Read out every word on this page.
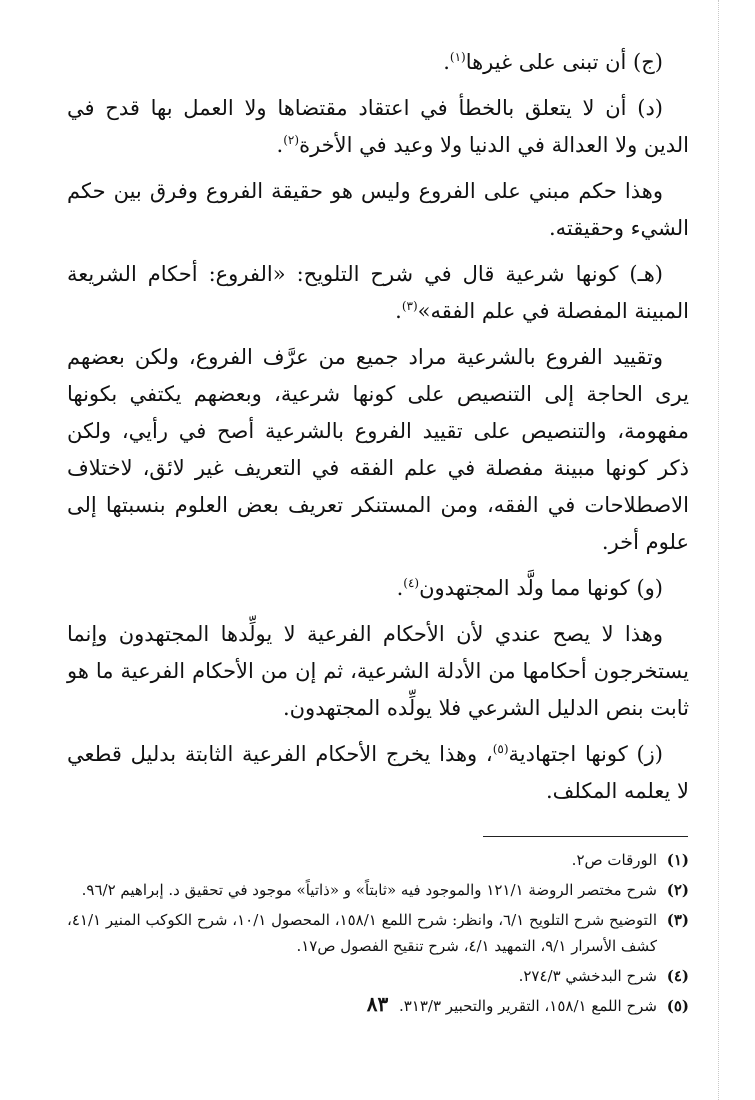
(ج) أن تبنى على غيرها$^{(١)}$.

(د) أن لا يتعلق بالخطأ في اعتقاد مقتضاها ولا العمل بها قدح في الدين ولا العدالة في الدنيا ولا وعيد في الأخرة$^{(٢)}$.

وهذا حكم مبني على الفروع وليس هو حقيقة الفروع وفرق بين حكم الشيء وحقيقته.

(هـ) كونها شرعية قال في شرح التلويح: «الفروع: أحكام الشريعة المبينة المفصلة في علم الفقه»$^{(٣)}$.

وتقييد الفروع بالشرعية مراد جميع من عرَّف الفروع، ولكن بعضهم يرى الحاجة إلى التنصيص على كونها شرعية، وبعضهم يكتفي بكونها مفهومة، والتنصيص على تقييد الفروع بالشرعية أصح في رأيي، ولكن ذكر كونها مبينة مفصلة في علم الفقه في التعريف غير لائق، لاختلاف الاصطلاحات في الفقه، ومن المستنكر تعريف بعض العلوم بنسبتها إلى علوم أخر.

(و) كونها مما ولَّد المجتهدون$^{(٤)}$.

وهذا لا يصح عندي لأن الأحكام الفرعية لا يولِّدها المجتهدون وإنما يستخرجون أحكامها من الأدلة الشرعية، ثم إن من الأحكام الفرعية ما هو ثابت بنص الدليل الشرعي فلا يولِّده المجتهدون.

(ز) كونها اجتهادية$^{(٥)}$، وهذا يخرج الأحكام الفرعية الثابتة بدليل قطعي لا يعلمه المكلف.

(١)
الورقات ص٢.
(٢)
شرح مختصر الروضة ١٢١/١ والموجود فيه «ثابتاً» و «ذاتياً» موجود في تحقيق د. إبراهيم ٩٦/٢.
(٣)
التوضيح شرح التلويح ٦/١، وانظر: شرح اللمع ١٥٨/١، المحصول ١٠/١، شرح الكوكب المنير ٤١/١، كشف الأسرار ٩/١، التمهيد ٤/١، شرح تنقيح الفصول ص١٧.
(٤)
شرح البدخشي ٢٧٤/٣.
(٥)
شرح اللمع ١٥٨/١، التقرير والتحبير ٣١٣/٣.
٨٣
